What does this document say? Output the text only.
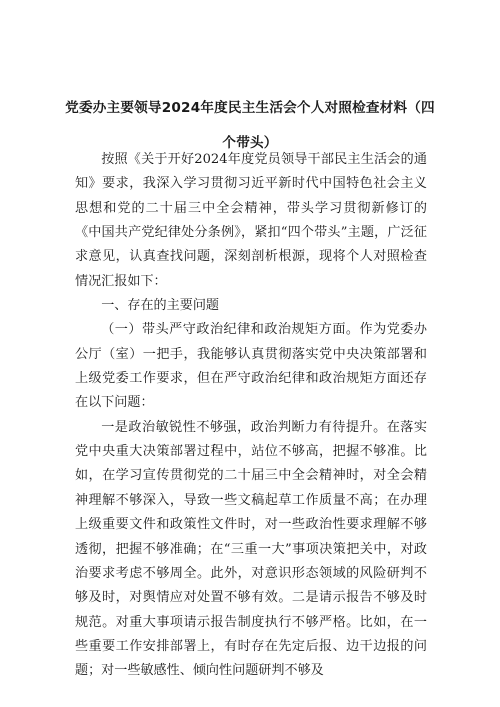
党委办主要领导2024年度民主生活会个人对照检查材料（四
个带头）

按照《关于开好2024年度党员领导干部民主生活会的通知》要求，我深入学习贯彻习近平新时代中国特色社会主义思想和党的二十届三中全会精神，带头学习贯彻新修订的《中国共产党纪律处分条例》，紧扣“四个带头”主题，广泛征求意见，认真查找问题，深刻剖析根源，现将个人对照检查情况汇报如下：

一、存在的主要问题

（一）带头严守政治纪律和政治规矩方面。作为党委办公厅（室）一把手，我能够认真贯彻落实党中央决策部署和上级党委工作要求，但在严守政治纪律和政治规矩方面还存在以下问题：

一是政治敏锐性不够强，政治判断力有待提升。在落实党中央重大决策部署过程中，站位不够高，把握不够准。比如，在学习宣传贯彻党的二十届三中全会精神时，对全会精神理解不够深入，导致一些文稿起草工作质量不高；在办理上级重要文件和政策性文件时，对一些政治性要求理解不够透彻，把握不够准确；在“三重一大”事项决策把关中，对政治要求考虑不够周全。此外，对意识形态领域的风险研判不够及时，对舆情应对处置不够有效。二是请示报告不够及时规范。对重大事项请示报告制度执行不够严格。比如，在一些重要工作安排部署上，有时存在先定后报、边干边报的问题；对一些敏感性、倾向性问题研判不够及
